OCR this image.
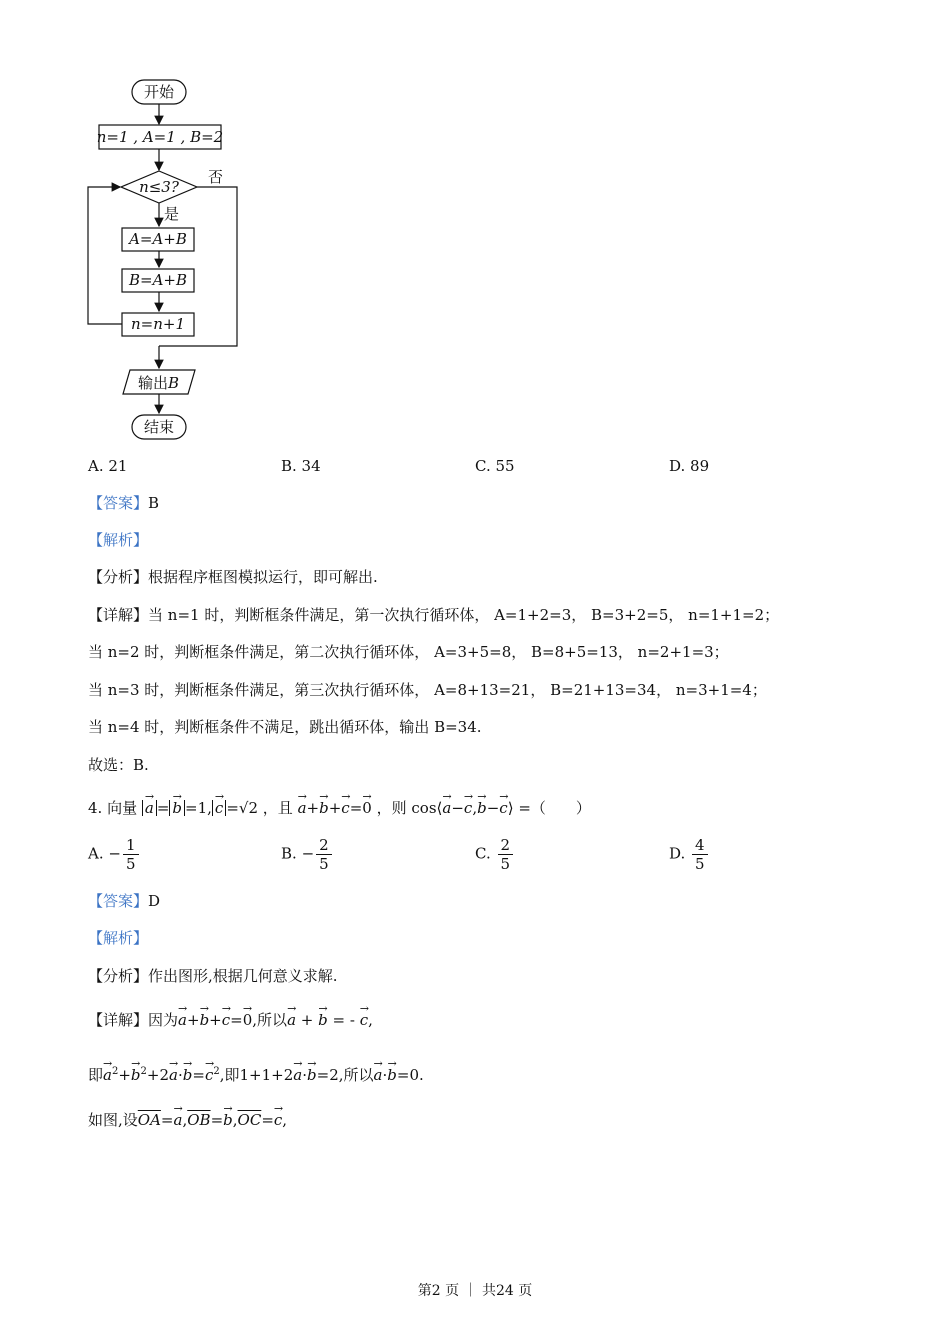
开始
n=1 , A=1 , B=2
n≤3?
否
是
A=A+B
B=A+B
n=n+1
输出B
结束
A. 21	B. 34	C. 55	D. 89
【答案】B
【解析】
【分析】根据程序框图模拟运行，即可解出.
【详解】当 n=1 时，判断框条件满足，第一次执行循环体， A=1+2=3， B=3+2=5， n=1+1=2；
当 n=2 时，判断框条件满足，第二次执行循环体， A=3+5=8， B=8+5=13， n=2+1=3；
当 n=3 时，判断框条件满足，第三次执行循环体， A=8+13=21， B=21+13=34， n=3+1=4；
当 n=4 时，判断框条件不满足，跳出循环体，输出 B=34.
故选：B.
4. 向量 → a = → b =1, → c =√2 ，且 → a+→ b+→ c=→ 0 ，则 cos⟨→ a−→ c,→ b−→ c⟩ =（　　）
A. − $\frac{1}{5}$	B. − $\frac{2}{5}$	C. $\frac{2}{5}$	D. $\frac{4}{5}$
【答案】D
【解析】
【分析】作出图形,根据几何意义求解.
【详解】因为→ a+→ b+→ c=→ 0,所以→ a + → b = - → c,
即→ $a^2+\to b^2+2\to a\cdot\to b=\to c^2$,即1+1+2→ a·→ b=2,所以→ a·→ b=0.
如图,设$\overline{OA}=\to a,\overline{OB}=\to b,\overline{OC}=\to c$,
第2 页 ｜ 共24 页
